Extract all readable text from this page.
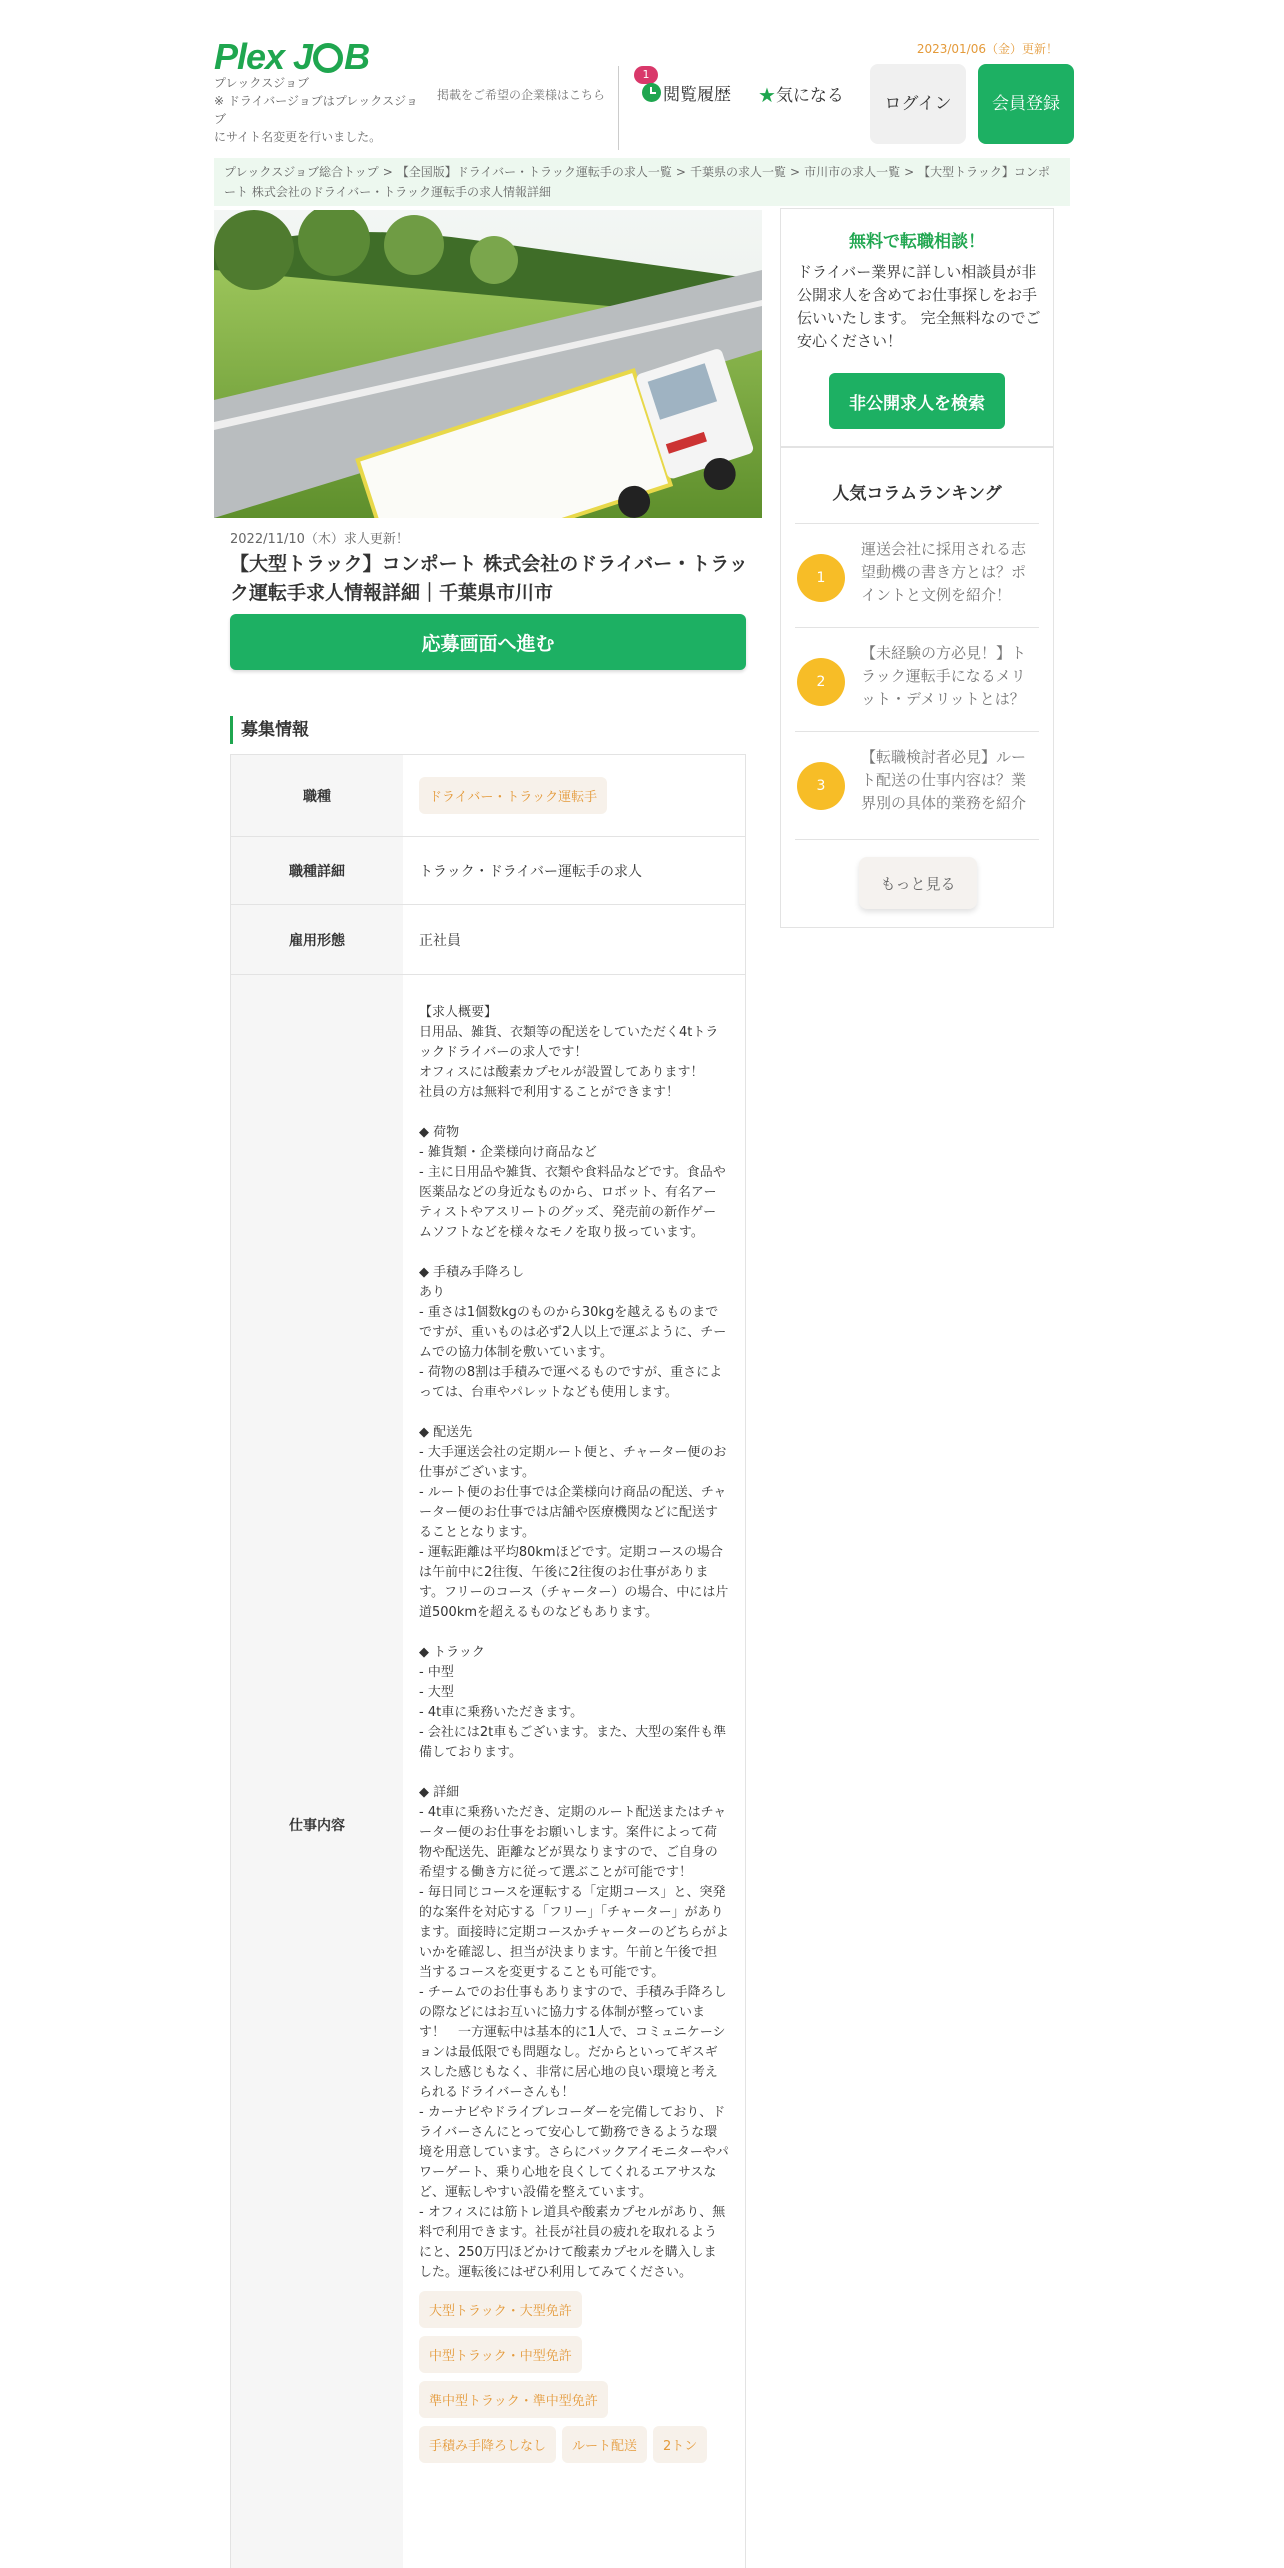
Plex J B
プレックスジョブ
※ ドライバージョブはプレックスジョブ
にサイト名変更を行いました。
掲載をご希望の企業様はこちら
2023/01/06（金）更新！
1
閲覧履歴	★気になる	ログイン	会員登録
プレックスジョブ総合トップ > 【全国版】ドライバー・トラック運転手の求人一覧 > 千葉県の求人一覧 > 市川市の求人一覧 > 【大型トラック】コンポート 株式会社のドライバー・トラック運転手の求人情報詳細
2022/11/10（木）求人更新！
【大型トラック】コンポート 株式会社のドライバー・トラック運転手求人情報詳細｜千葉県市川市
応募画面へ進む
募集情報
職種	ドライバー・トラック運転手
職種詳細	トラック・ドライバー運転手の求人
雇用形態	正社員
仕事内容
【求人概要】
日用品、雑貨、衣類等の配送をしていただく4tトラックドライバーの求人です！
オフィスには酸素カプセルが設置してあります！　社員の方は無料で利用することができます！

◆ 荷物
- 雑貨類・企業様向け商品など
- 主に日用品や雑貨、衣類や食料品などです。食品や医薬品などの身近なものから、ロボット、有名アーティストやアスリートのグッズ、発売前の新作ゲームソフトなどを様々なモノを取り扱っています。

◆ 手積み手降ろし
あり
- 重さは1個数kgのものから30kgを越えるものまでですが、重いものは必ず2人以上で運ぶように、チームでの協力体制を敷いています。
- 荷物の8割は手積みで運べるものですが、重さによっては、台車やパレットなども使用します。

◆ 配送先
- 大手運送会社の定期ルート便と、チャーター便のお仕事がございます。
- ルート便のお仕事では企業様向け商品の配送、チャーター便のお仕事では店舗や医療機関などに配送することとなります。
- 運転距離は平均80kmほどです。定期コースの場合は午前中に2往復、午後に2往復のお仕事があります。フリーのコース（チャーター）の場合、中には片道500kmを超えるものなどもあります。

◆ トラック
- 中型
- 大型
- 4t車に乗務いただきます。
- 会社には2t車もございます。また、大型の案件も準備しております。

◆ 詳細
- 4t車に乗務いただき、定期のルート配送またはチャーター便のお仕事をお願いします。案件によって荷物や配送先、距離などが異なりますので、ご自身の希望する働き方に従って選ぶことが可能です！
- 毎日同じコースを運転する「定期コース」と、突発的な案件を対応する「フリー」「チャーター」があります。面接時に定期コースかチャーターのどちらがよいかを確認し、担当が決まります。午前と午後で担当するコースを変更することも可能です。
- チームでのお仕事もありますので、手積み手降ろしの際などにはお互いに協力する体制が整っています！　一方運転中は基本的に1人で、コミュニケーションは最低限でも問題なし。だからといってギスギスした感じもなく、非常に居心地の良い環境と考えられるドライバーさんも！
- カーナビやドライブレコーダーを完備しており、ドライバーさんにとって安心して勤務できるような環境を用意しています。さらにバックアイモニターやパワーゲート、乗り心地を良くしてくれるエアサスなど、運転しやすい設備を整えています。
- オフィスには筋トレ道具や酸素カプセルがあり、無料で利用できます。社長が社員の疲れを取れるようにと、250万円ほどかけて酸素カプセルを購入しました。運転後にはぜひ利用してみてください。
大型トラック・大型免許
中型トラック・中型免許
準中型トラック・準中型免許
手積み手降ろしなし ルート配送 2トン
無料で転職相談！
ドライバー業界に詳しい相談員が非公開求人を含めてお仕事探しをお手伝いいたします。 完全無料なのでご安心ください！
非公開求人を検索
人気コラムランキング
1
運送会社に採用される志望動機の書き方とは？ポイントと文例を紹介！
2
【未経験の方必見！】トラック運転手になるメリット・デメリットとは？
3
【転職検討者必見】ルート配送の仕事内容は？業界別の具体的業務を紹介
もっと見る
